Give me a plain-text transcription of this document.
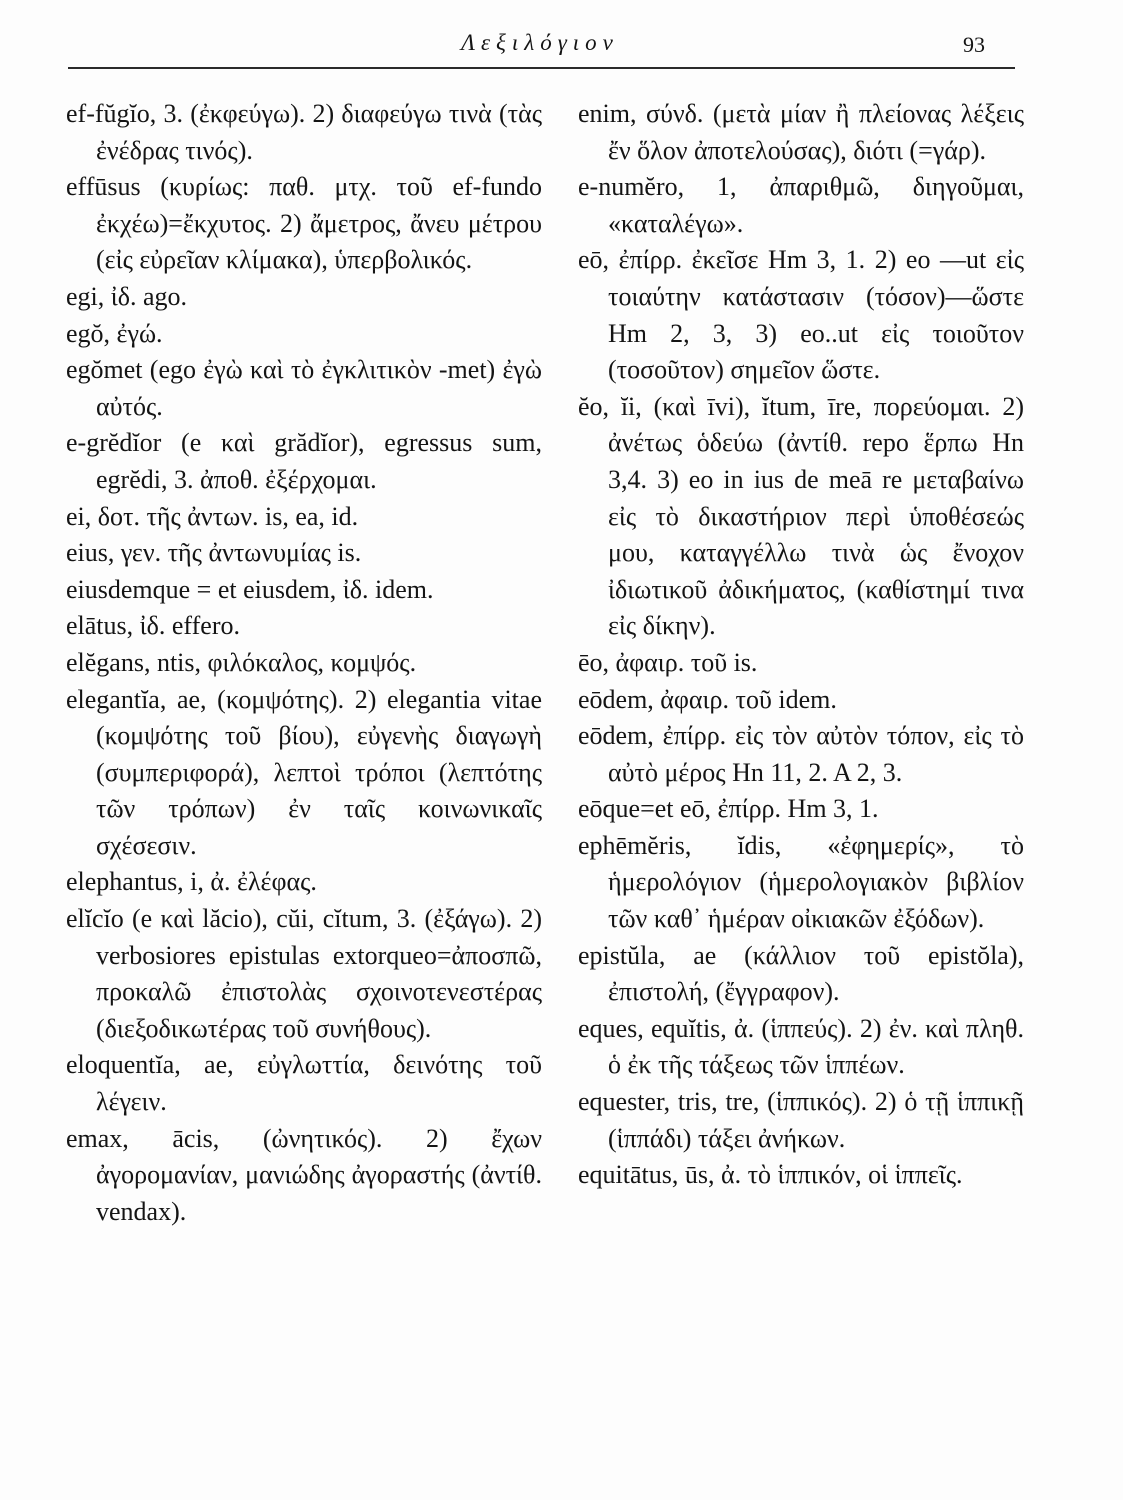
Λεξιλόγιον	93

ef-fŭgĭo, 3. (ἐκφεύγω). 2) διαφεύγω τινὰ (τὰς ἐνέδρας τινός).

effūsus (κυρίως: παθ. μτχ. τοῦ ef-fundo ἐκχέω)=ἔκχυτος. 2) ἄμετρος, ἄνευ μέτρου (εἰς εὐρεῖαν κλίμακα), ὑπερβολικός.

egi, ἰδ. ago.

egŏ, ἐγώ.

egŏmet (ego ἐγὼ καὶ τὸ ἐγκλιτικὸν -met) ἐγὼ αὐτός.

e-grĕdĭor (e καὶ grădĭor), egressus sum, egrĕdi, 3. ἀποθ. ἐξέρχομαι.

ei, δοτ. τῆς ἀντων. is, ea, id.

eius, γεν. τῆς ἀντωνυμίας is.

eiusdemque = et eiusdem, ἰδ. idem.

elātus, ἰδ. effero.

elĕgans, ntis, φιλόκαλος, κομψός.

elegantĭa, ae, (κομψότης). 2) elegantia vitae (κομψότης τοῦ βίου), εὐγενὴς διαγωγὴ (συμπεριφορά), λεπτοὶ τρόποι (λεπτότης τῶν τρόπων) ἐν ταῖς κοινωνικαῖς σχέσεσιν.

elephantus, i, ἀ. ἐλέφας.

elĭcĭo (e καὶ lăcio), cŭi, cĭtum, 3. (ἐξάγω). 2) verbosiores epistulas extorqueo=ἀποσπῶ, προκαλῶ ἐπιστολὰς σχοινοτενεστέρας (διεξοδικωτέρας τοῦ συνήθους).

eloquentĭa, ae, εὐγλωττία, δεινότης τοῦ λέγειν.

emax, ācis, (ὠνητικός). 2) ἔχων ἀγορομανίαν, μανιώδης ἀγοραστής (ἀντίθ. vendax).

enim, σύνδ. (μετὰ μίαν ἢ πλείονας λέξεις ἔν ὅλον ἀποτελούσας), διότι (=γάρ).

e-numĕro, 1, ἀπαριθμῶ, διηγοῦμαι, «καταλέγω».

eō, ἐπίρρ. ἐκεῖσε Hm 3, 1. 2) eo —ut εἰς τοιαύτην κατάστασιν (τόσον)—ὥστε Hm 2, 3, 3) eo..ut εἰς τοιοῦτον (τοσοῦτον) σημεῖον ὥστε.

ĕo, ĭi, (καὶ īvi), ĭtum, īre, πορεύομαι. 2) ἀνέτως ὁδεύω (ἀντίθ. repo ἕρπω Hn 3,4. 3) eo in ius de meā re μεταβαίνω εἰς τὸ δικαστήριον περὶ ὑποθέσεώς μου, καταγγέλλω τινὰ ὡς ἔνοχον ἰδιωτικοῦ ἀδικήματος, (καθίστημί τινα εἰς δίκην).

ēo, ἀφαιρ. τοῦ is.

eōdem, ἀφαιρ. τοῦ idem.

eōdem, ἐπίρρ. εἰς τὸν αὐτὸν τόπον, εἰς τὸ αὐτὸ μέρος Hn 11, 2. A 2, 3.

eōque=et eō, ἐπίρρ. Hm 3, 1.

ephēmĕris, ĭdis, «ἐφημερίς», τὸ ἡμερολόγιον (ἡμερολογιακὸν βιβλίον τῶν καθ᾽ ἡμέραν οἰκιακῶν ἐξόδων).

epistŭla, ae (κάλλιον τοῦ epistŏla), ἐπιστολή, (ἔγγραφον).

eques, equĭtis, ἀ. (ἱππεύς). 2) ἐν. καὶ πληθ. ὁ ἐκ τῆς τάξεως τῶν ἱππέων.

equester, tris, tre, (ἱππικός). 2) ὁ τῇ ἱππικῇ (ἱππάδι) τάξει ἀνήκων.

equitātus, ūs, ἀ. τὸ ἱππικόν, οἱ ἱππεῖς.
